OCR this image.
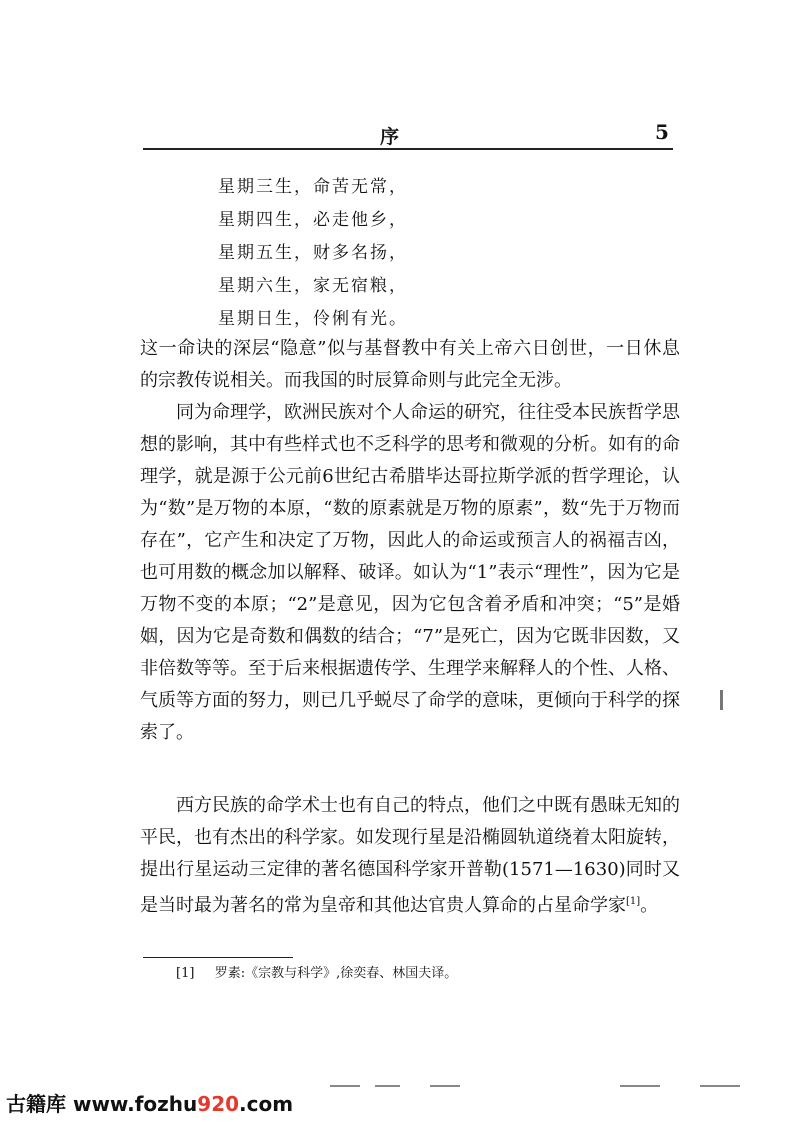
序	5
星期三生，命苦无常，
星期四生，必走他乡，
星期五生，财多名扬，
星期六生，家无宿粮，
星期日生，伶俐有光。
这一命诀的深层“隐意”似与基督教中有关上帝六日创世，一日休息的宗教传说相关。而我国的时辰算命则与此完全无涉。
同为命理学，欧洲民族对个人命运的研究，往往受本民族哲学思想的影响，其中有些样式也不乏科学的思考和微观的分析。如有的命理学，就是源于公元前6世纪古希腊毕达哥拉斯学派的哲学理论，认为“数”是万物的本原，“数的原素就是万物的原素”，数“先于万物而存在”，它产生和决定了万物，因此人的命运或预言人的祸福吉凶，也可用数的概念加以解释、破译。如认为“1”表示“理性”，因为它是万物不变的本原；“2”是意见，因为它包含着矛盾和冲突；“5”是婚姻，因为它是奇数和偶数的结合；“7”是死亡，因为它既非因数，又非倍数等等。至于后来根据遗传学、生理学来解释人的个性、人格、气质等方面的努力，则已几乎蜕尽了命学的意味，更倾向于科学的探索了。
西方民族的命学术士也有自己的特点，他们之中既有愚昧无知的平民，也有杰出的科学家。如发现行星是沿椭圆轨道绕着太阳旋转，提出行星运动三定律的著名德国科学家开普勒(1571—1630)同时又是当时最为著名的常为皇帝和其他达官贵人算命的占星命学家[1]。
[1] 罗素:《宗教与科学》,徐奕春、林国夫译。
古籍库 www.fozhu920.com
